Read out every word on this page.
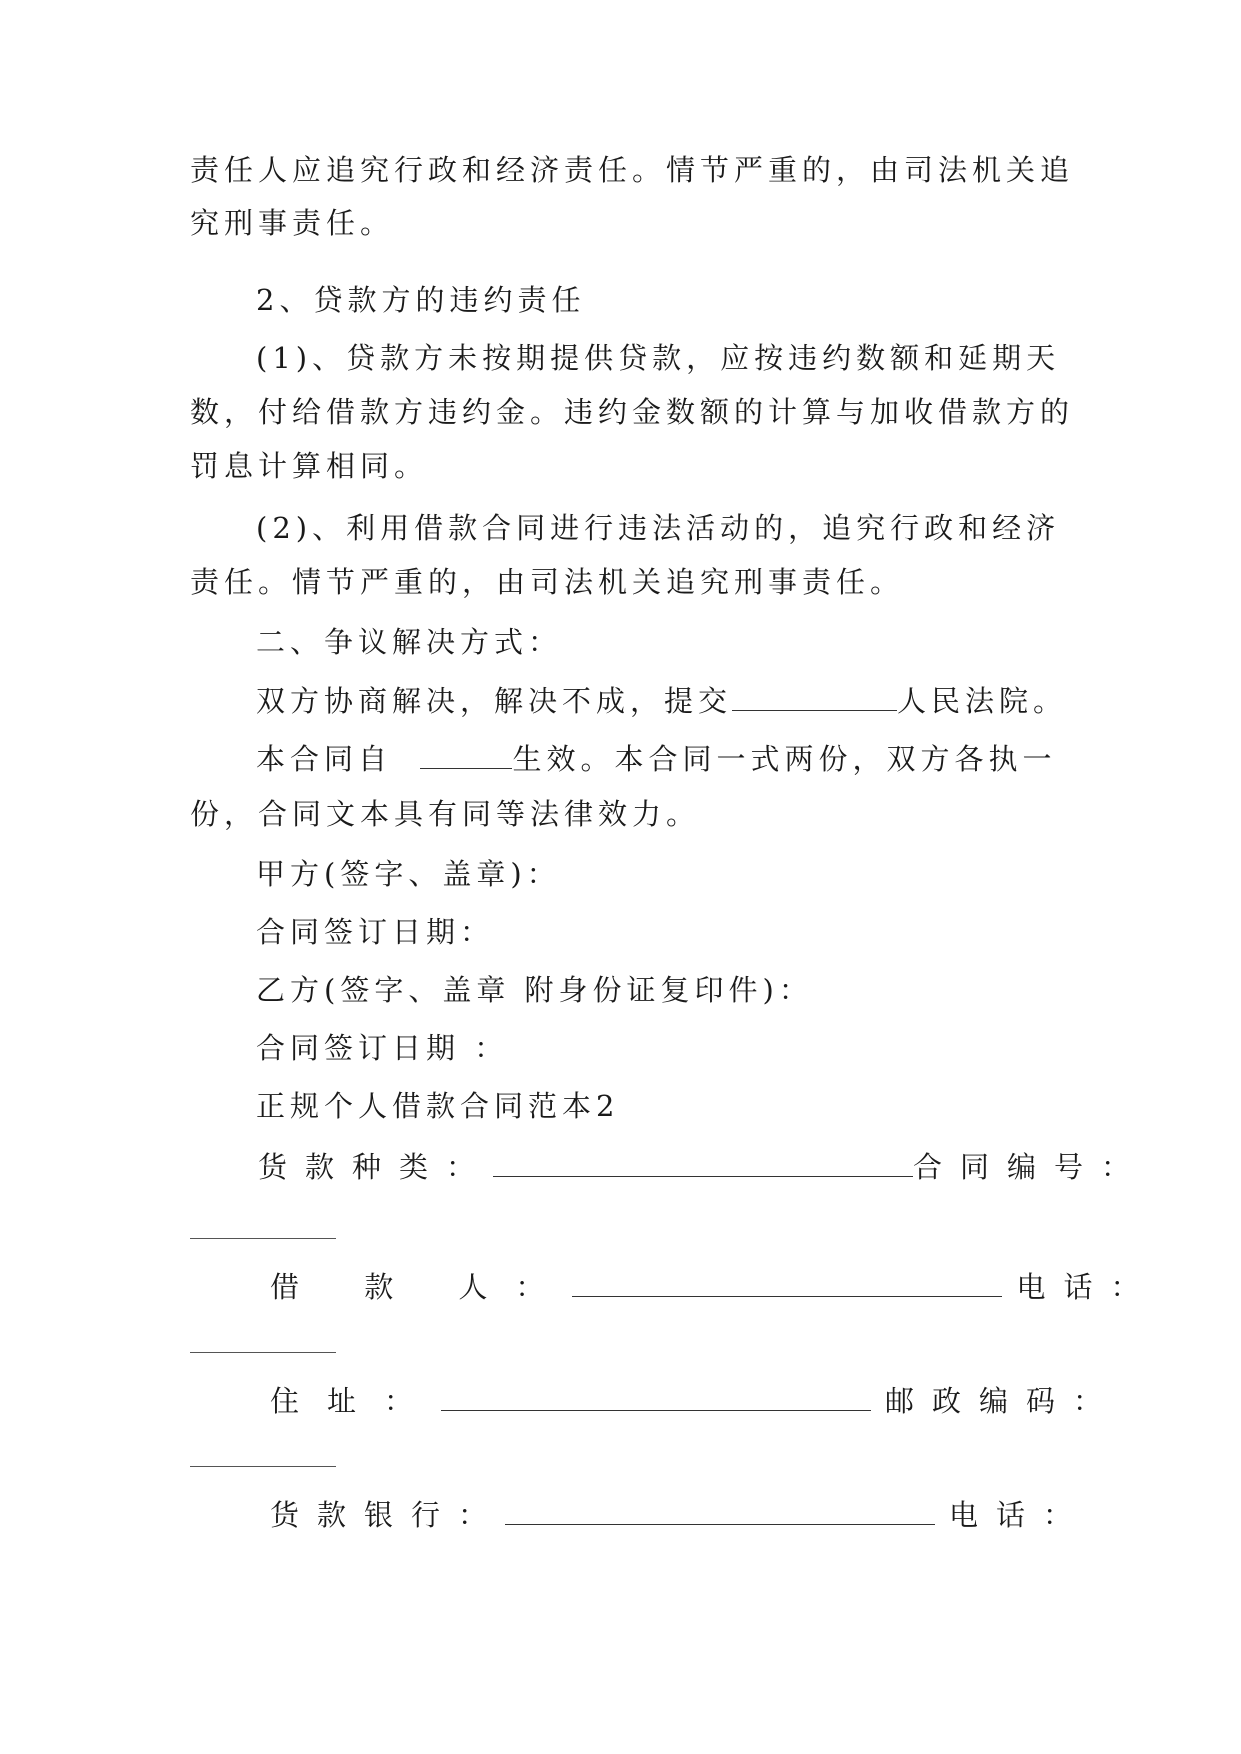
责任人应追究行政和经济责任。情节严重的，由司法机关追
究刑事责任。
2、贷款方的违约责任
(1)、贷款方未按期提供贷款，应按违约数额和延期天
数，付给借款方违约金。违约金数额的计算与加收借款方的
罚息计算相同。
(2)、利用借款合同进行违法活动的，追究行政和经济
责任。情节严重的，由司法机关追究刑事责任。
二、争议解决方式：
双方协商解决，解决不成，提交	人民法院。
本合同自	生效。本合同一式两份，双方各执一
份，合同文本具有同等法律效力。
甲方(签字、盖章)：
合同签订日期：
乙方(签字、盖章 附身份证复印件)：
合同签订日期 ：
正规个人借款合同范本2
货款种类：	合同编号：
借 款 人：	电话：
住址：	邮政编码：
货款银行：	电话：
